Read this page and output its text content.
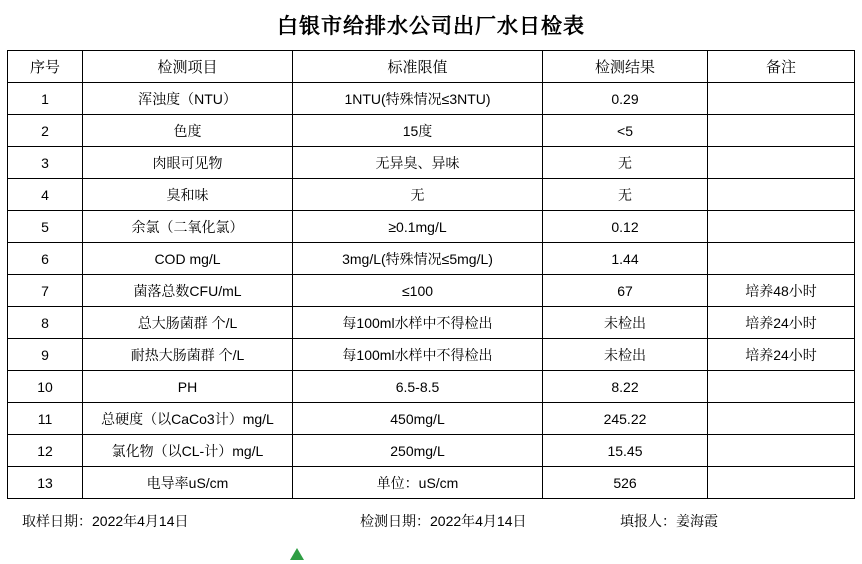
白银市给排水公司出厂水日检表
序号	检测项目	标准限值	检测结果	备注
1	浑浊度（NTU）	1NTU(特殊情况≤3NTU)	0.29	
2	色度	15度	<5	
3	肉眼可见物	无异臭、异味	无	
4	臭和味	无	无	
5	余氯（二氧化氯）	≥0.1mg/L	0.12	
6	COD mg/L	3mg/L(特殊情况≤5mg/L)	1.44	
7	菌落总数CFU/mL	≤100	67	培养48小时
8	总大肠菌群 个/L	每100ml水样中不得检出	未检出	培养24小时
9	耐热大肠菌群 个/L	每100ml水样中不得检出	未检出	培养24小时
10	PH	6.5-8.5	8.22	
11	总硬度（以CaCo3计）mg/L	450mg/L	245.22	
12	氯化物（以CL-计）mg/L	250mg/L	15.45	
13	电导率uS/cm	单位：uS/cm	526	
取样日期：2022年4月14日	检测日期：2022年4月14日	填报人：姜海霞
